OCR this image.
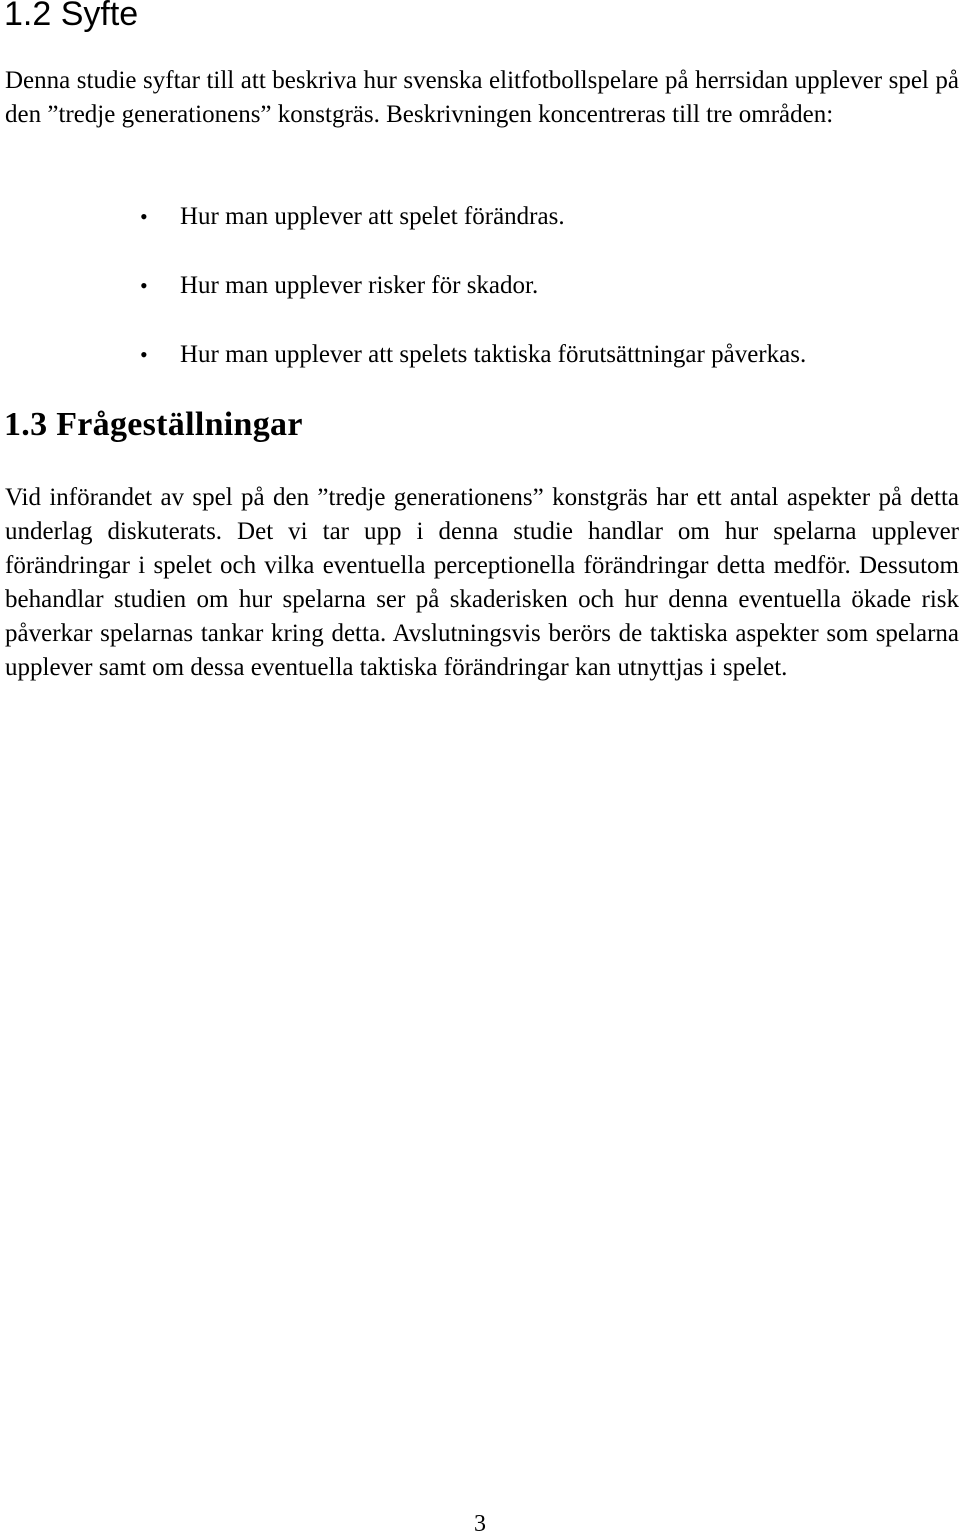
1.2 Syfte

Denna studie syftar till att beskriva hur svenska elitfotbollspelare på herrsidan upplever spel på den ”tredje generationens” konstgräs. Beskrivningen koncentreras till tre områden:

• Hur man upplever att spelet förändras.
• Hur man upplever risker för skador.
• Hur man upplever att spelets taktiska förutsättningar påverkas.
1.3 Frågeställningar

Vid införandet av spel på den ”tredje generationens” konstgräs har ett antal aspekter på detta underlag diskuterats. Det vi tar upp i denna studie handlar om hur spelarna upplever förändringar i spelet och vilka eventuella perceptionella förändringar detta medför. Dessutom behandlar studien om hur spelarna ser på skaderisken och hur denna eventuella ökade risk påverkar spelarnas tankar kring detta. Avslutningsvis berörs de taktiska aspekter som spelarna upplever samt om dessa eventuella taktiska förändringar kan utnyttjas i spelet.

3
